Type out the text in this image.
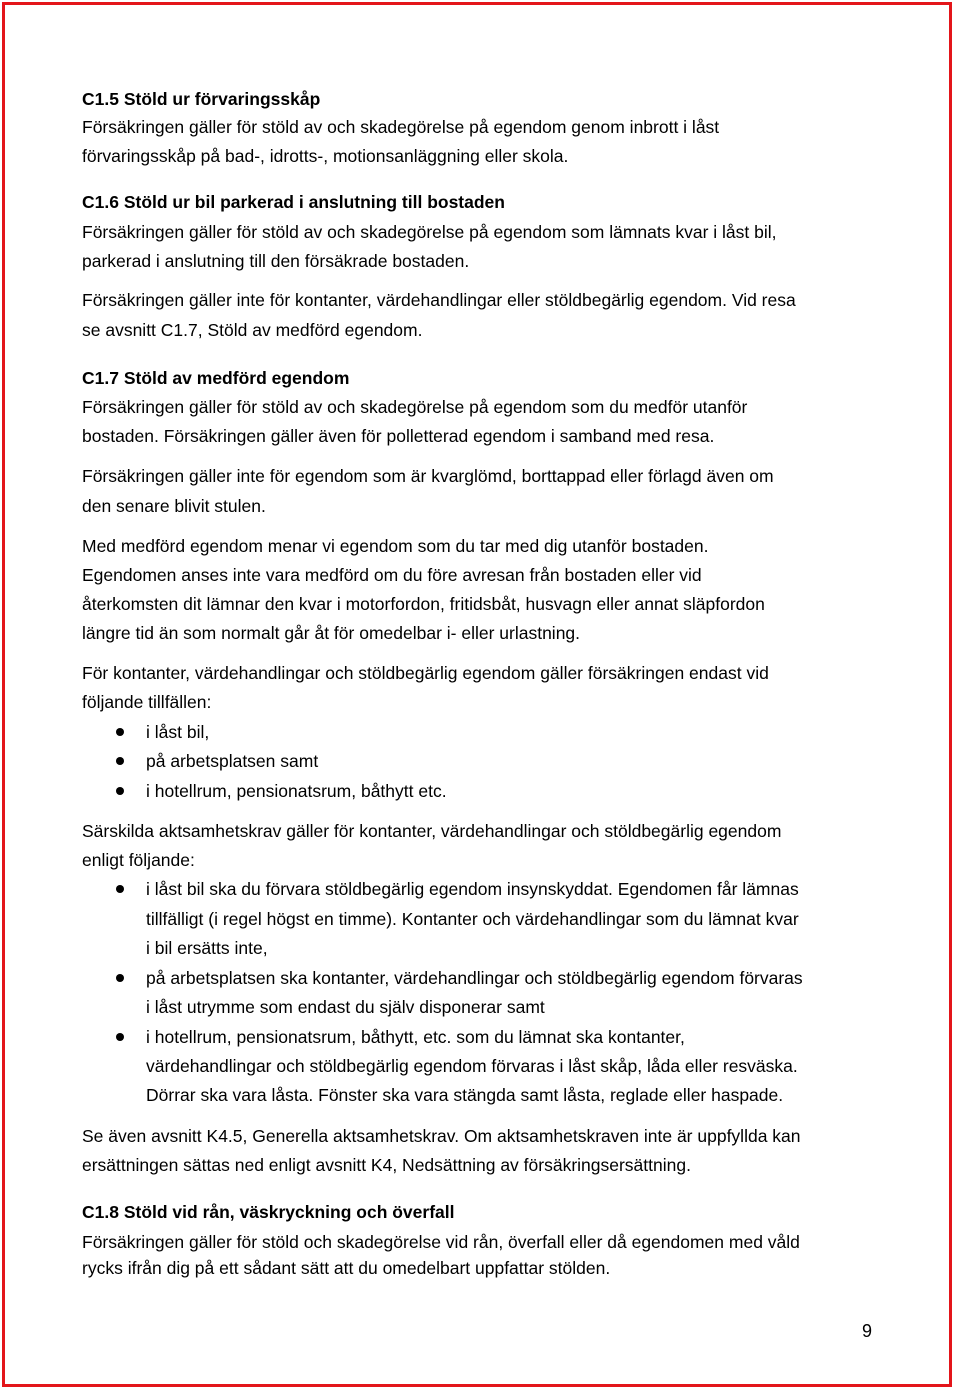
C1.5 Stöld ur förvaringsskåp
Försäkringen gäller för stöld av och skadegörelse på egendom genom inbrott i låst
förvaringsskåp på bad-, idrotts-, motionsanläggning eller skola.
C1.6 Stöld ur bil parkerad i anslutning till bostaden
Försäkringen gäller för stöld av och skadegörelse på egendom som lämnats kvar i låst bil,
parkerad i anslutning till den försäkrade bostaden.
Försäkringen gäller inte för kontanter, värdehandlingar eller stöldbegärlig egendom. Vid resa
se avsnitt C1.7, Stöld av medförd egendom.
C1.7 Stöld av medförd egendom
Försäkringen gäller för stöld av och skadegörelse på egendom som du medför utanför
bostaden. Försäkringen gäller även för polletterad egendom i samband med resa.
Försäkringen gäller inte för egendom som är kvarglömd, borttappad eller förlagd även om
den senare blivit stulen.
Med medförd egendom menar vi egendom som du tar med dig utanför bostaden.
Egendomen anses inte vara medförd om du före avresan från bostaden eller vid
återkomsten dit lämnar den kvar i motorfordon, fritidsbåt, husvagn eller annat släpfordon
längre tid än som normalt går åt för omedelbar i- eller urlastning.
För kontanter, värdehandlingar och stöldbegärlig egendom gäller försäkringen endast vid
följande tillfällen:
i låst bil,
på arbetsplatsen samt
i hotellrum, pensionatsrum, båthytt etc.
Särskilda aktsamhetskrav gäller för kontanter, värdehandlingar och stöldbegärlig egendom
enligt följande:
i låst bil ska du förvara stöldbegärlig egendom insynskyddat. Egendomen får lämnas
tillfälligt (i regel högst en timme). Kontanter och värdehandlingar som du lämnat kvar
i bil ersätts inte,
på arbetsplatsen ska kontanter, värdehandlingar och stöldbegärlig egendom förvaras
i låst utrymme som endast du själv disponerar samt
i hotellrum, pensionatsrum, båthytt, etc. som du lämnat ska kontanter,
värdehandlingar och stöldbegärlig egendom förvaras i låst skåp, låda eller resväska.
Dörrar ska vara låsta. Fönster ska vara stängda samt låsta, reglade eller haspade.
Se även avsnitt K4.5, Generella aktsamhetskrav. Om aktsamhetskraven inte är uppfyllda kan
ersättningen sättas ned enligt avsnitt K4, Nedsättning av försäkringsersättning.
C1.8 Stöld vid rån, väskryckning och överfall
Försäkringen gäller för stöld och skadegörelse vid rån, överfall eller då egendomen med våld
rycks ifrån dig på ett sådant sätt att du omedelbart uppfattar stölden.
9
